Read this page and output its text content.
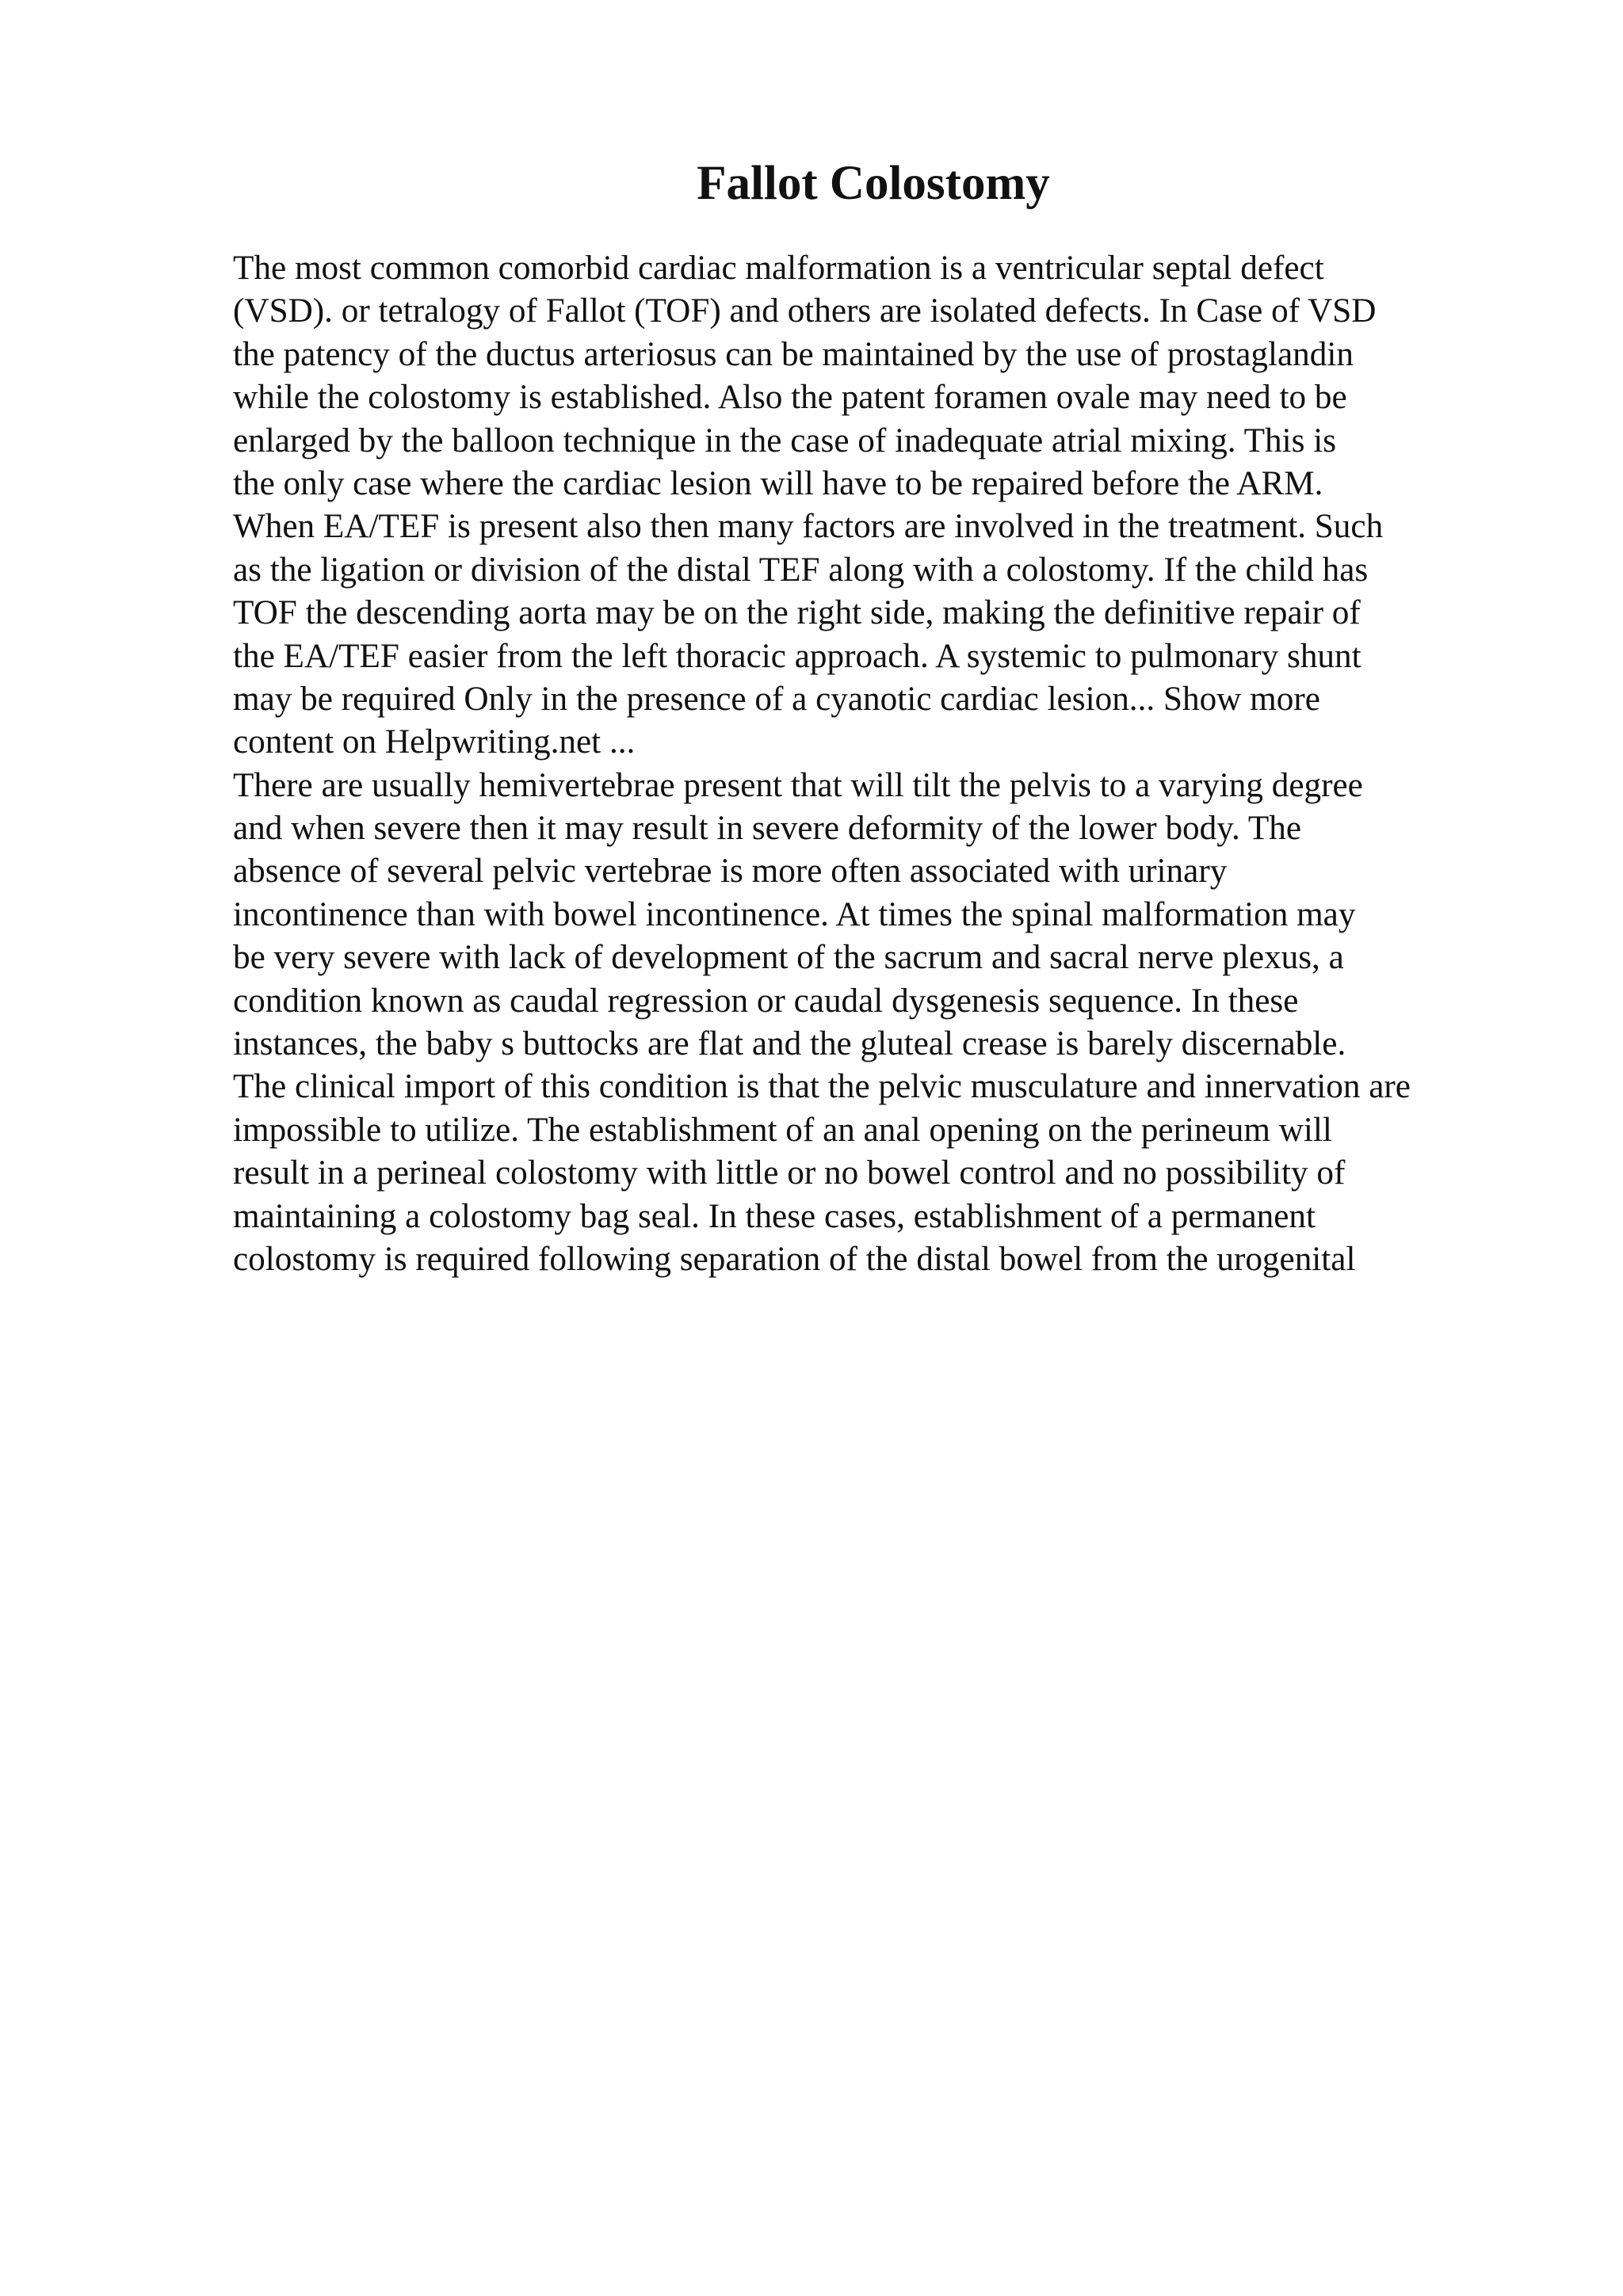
Fallot Colostomy
The most common comorbid cardiac malformation is a ventricular septal defect
(VSD). or tetralogy of Fallot (TOF) and others are isolated defects. In Case of VSD
the patency of the ductus arteriosus can be maintained by the use of prostaglandin
while the colostomy is established. Also the patent foramen ovale may need to be
enlarged by the balloon technique in the case of inadequate atrial mixing. This is
the only case where the cardiac lesion will have to be repaired before the ARM.
When EA/TEF is present also then many factors are involved in the treatment. Such
as the ligation or division of the distal TEF along with a colostomy. If the child has
TOF the descending aorta may be on the right side, making the definitive repair of
the EA/TEF easier from the left thoracic approach. A systemic to pulmonary shunt
may be required Only in the presence of a cyanotic cardiac lesion... Show more
content on Helpwriting.net ...
There are usually hemivertebrae present that will tilt the pelvis to a varying degree
and when severe then it may result in severe deformity of the lower body. The
absence of several pelvic vertebrae is more often associated with urinary
incontinence than with bowel incontinence. At times the spinal malformation may
be very severe with lack of development of the sacrum and sacral nerve plexus, a
condition known as caudal regression or caudal dysgenesis sequence. In these
instances, the baby s buttocks are flat and the gluteal crease is barely discernable.
The clinical import of this condition is that the pelvic musculature and innervation are
impossible to utilize. The establishment of an anal opening on the perineum will
result in a perineal colostomy with little or no bowel control and no possibility of
maintaining a colostomy bag seal. In these cases, establishment of a permanent
colostomy is required following separation of the distal bowel from the urogenital
